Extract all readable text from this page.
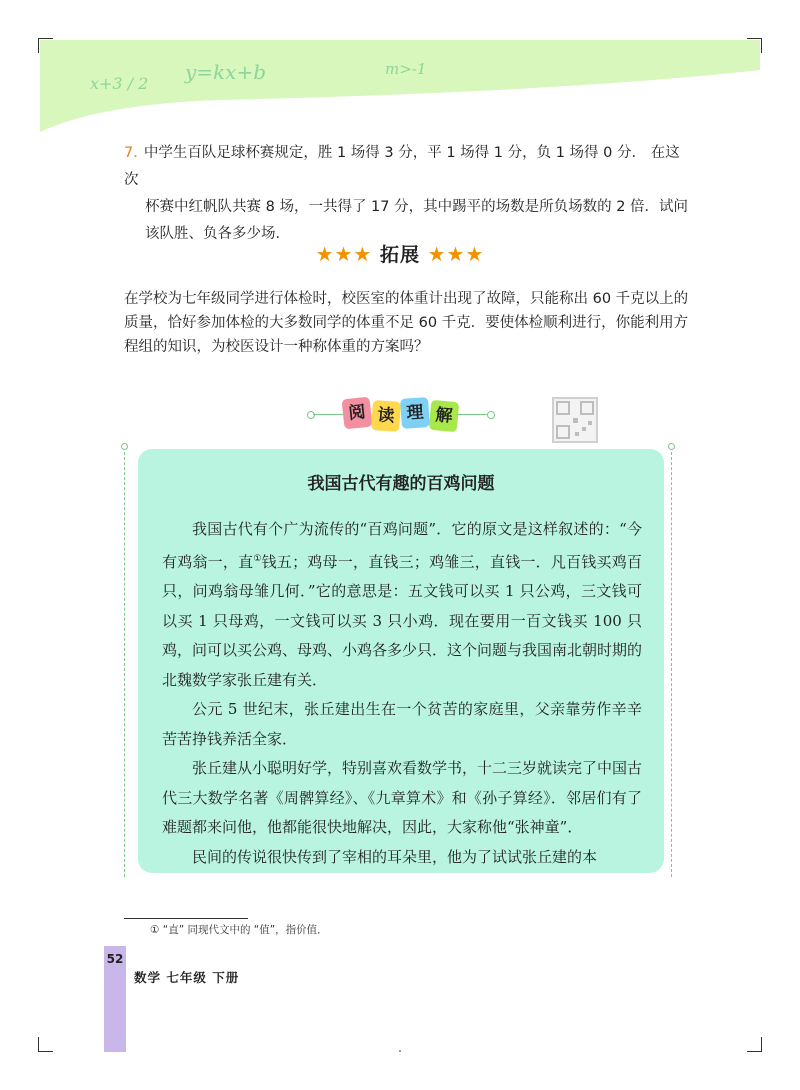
x+3 / 2 y=kx+b	m>-1
7. 中学生百队足球杯赛规定，胜 1 场得 3 分，平 1 场得 1 分，负 1 场得 0 分． 在这次
杯赛中红帆队共赛 8 场，一共得了 17 分，其中踢平的场数是所负场数的 2 倍．试问
该队胜、负各多少场．
★★★ 拓展 ★★★
在学校为七年级同学进行体检时，校医室的体重计出现了故障，只能称出 60 千克以上的质量，恰好参加体检的大多数同学的体重不足 60 千克．要使体检顺利进行，你能利用方程组的知识，为校医设计一种称体重的方案吗？
阅 读 理 解
我国古代有趣的百鸡问题

我国古代有个广为流传的“百鸡问题”．它的原文是这样叙述的：“今有鸡翁一，直①钱五；鸡母一，直钱三；鸡雏三，直钱一．凡百钱买鸡百只，问鸡翁母雏几何．”它的意思是：五文钱可以买 1 只公鸡，三文钱可以买 1 只母鸡，一文钱可以买 3 只小鸡．现在要用一百文钱买 100 只鸡，问可以买公鸡、母鸡、小鸡各多少只．这个问题与我国南北朝时期的北魏数学家张丘建有关．

公元 5 世纪末，张丘建出生在一个贫苦的家庭里，父亲靠劳作辛辛苦苦挣钱养活全家．

张丘建从小聪明好学，特别喜欢看数学书，十二三岁就读完了中国古代三大数学名著《周髀算经》、《九章算术》和《孙子算经》．邻居们有了难题都来问他，他都能很快地解决，因此，大家称他“张神童”．

民间的传说很快传到了宰相的耳朵里，他为了试试张丘建的本

① “直” 同现代文中的 “值”，指价值．
52
数学 七年级 下册
